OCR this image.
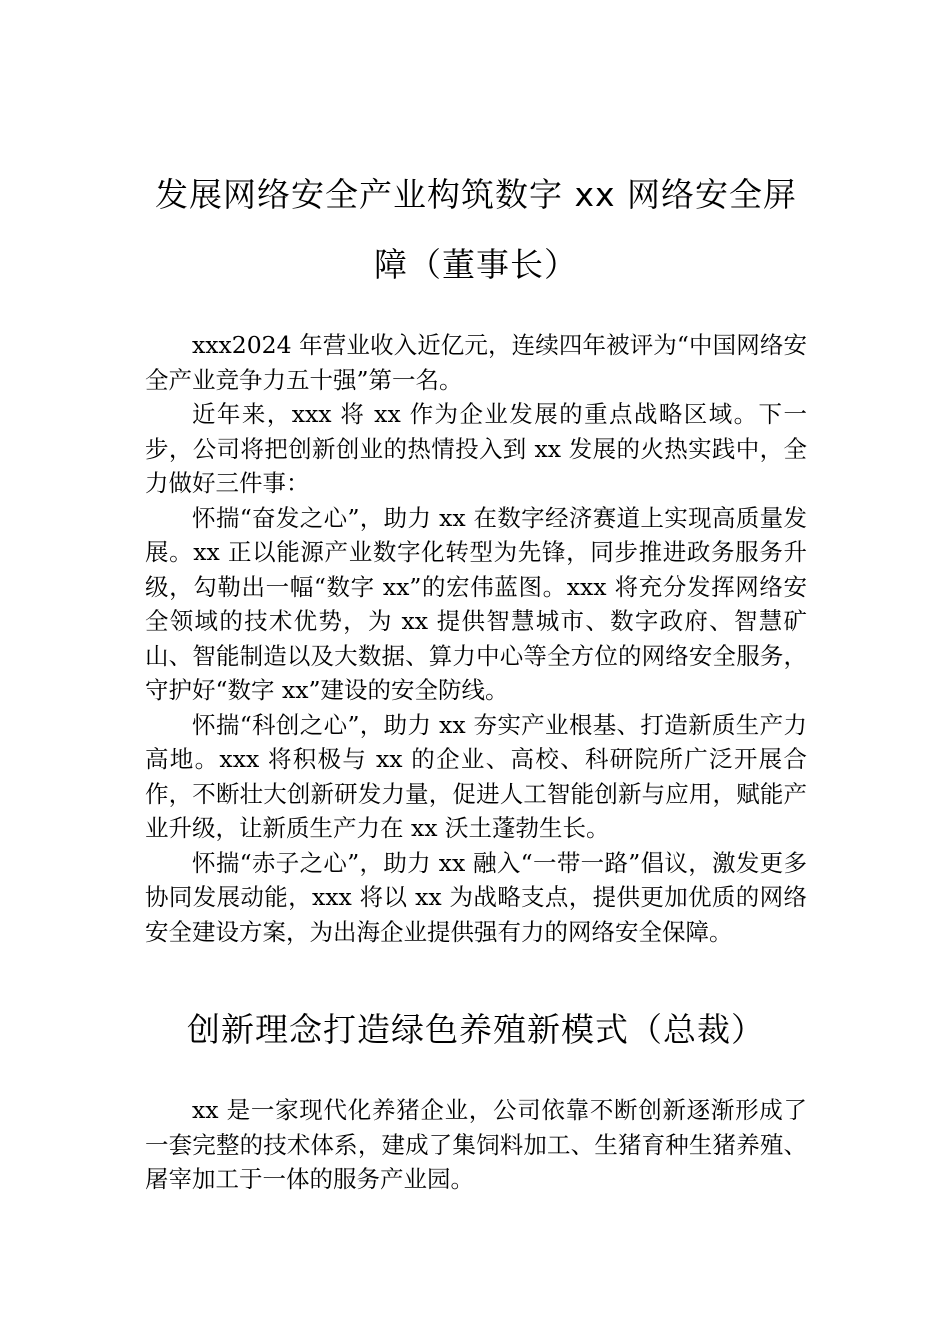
发展网络安全产业构筑数字 xx 网络安全屏障（董事长）

xxx2024 年营业收入近亿元，连续四年被评为“中国网络安全产业竞争力五十强”第一名。

近年来，xxx 将 xx 作为企业发展的重点战略区域。下一步，公司将把创新创业的热情投入到 xx 发展的火热实践中，全力做好三件事：

怀揣“奋发之心”，助力 xx 在数字经济赛道上实现高质量发展。xx 正以能源产业数字化转型为先锋，同步推进政务服务升级，勾勒出一幅“数字 xx”的宏伟蓝图。xxx 将充分发挥网络安全领域的技术优势，为 xx 提供智慧城市、数字政府、智慧矿山、智能制造以及大数据、算力中心等全方位的网络安全服务，守护好“数字 xx”建设的安全防线。

怀揣“科创之心”，助力 xx 夯实产业根基、打造新质生产力高地。xxx 将积极与 xx 的企业、高校、科研院所广泛开展合作，不断壮大创新研发力量，促进人工智能创新与应用，赋能产业升级，让新质生产力在 xx 沃土蓬勃生长。

怀揣“赤子之心”，助力 xx 融入“一带一路”倡议，激发更多协同发展动能，xxx 将以 xx 为战略支点，提供更加优质的网络安全建设方案，为出海企业提供强有力的网络安全保障。

创新理念打造绿色养殖新模式（总裁）

xx 是一家现代化养猪企业，公司依靠不断创新逐渐形成了一套完整的技术体系，建成了集饲料加工、生猪育种生猪养殖、屠宰加工于一体的服务产业园。
